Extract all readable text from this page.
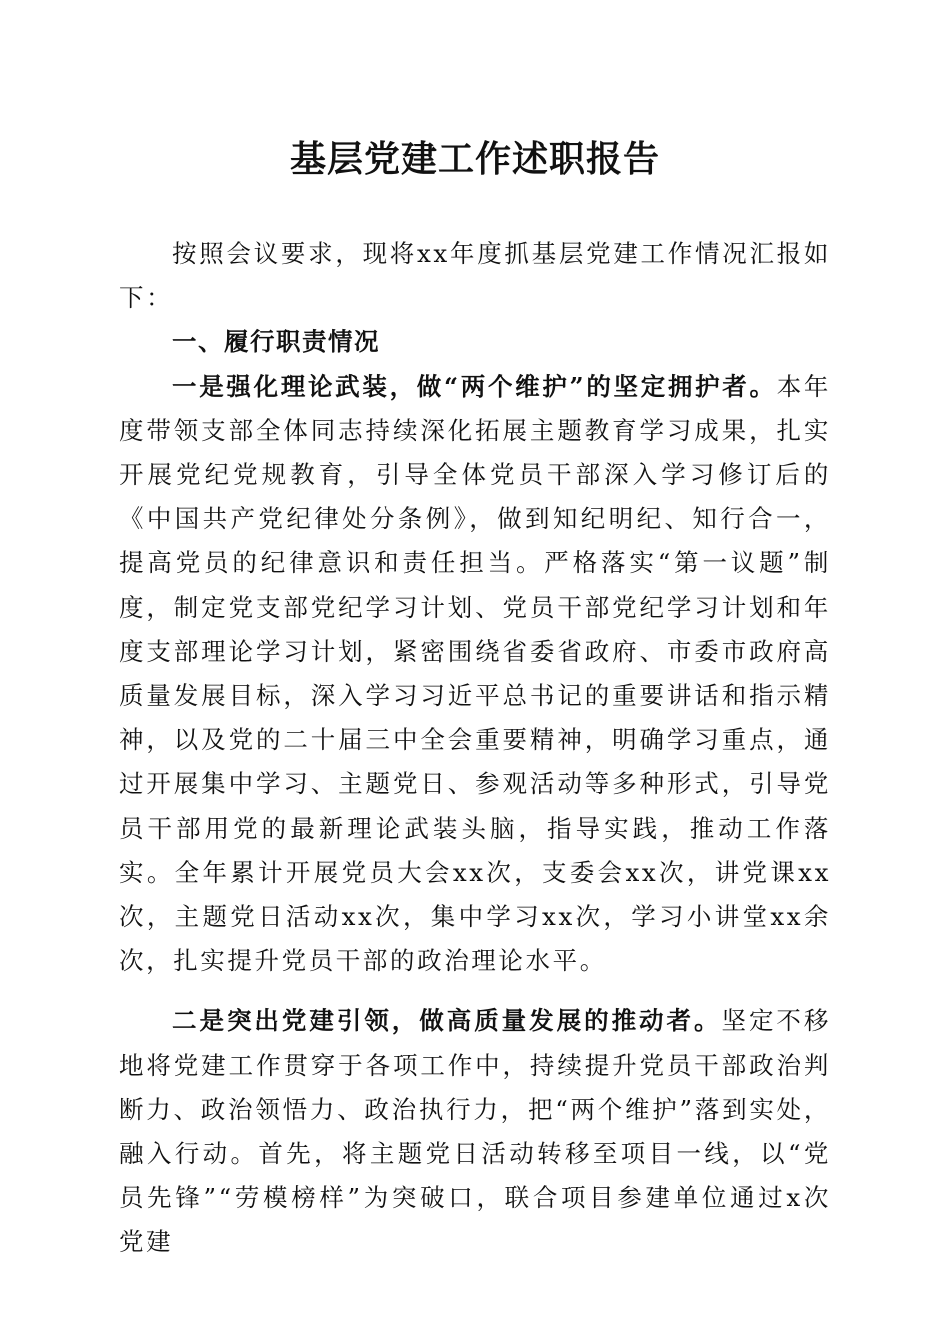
基层党建工作述职报告

按照会议要求，现将xx年度抓基层党建工作情况汇报如下：

一、履行职责情况

一是强化理论武装，做“两个维护”的坚定拥护者。本年度带领支部全体同志持续深化拓展主题教育学习成果，扎实开展党纪党规教育，引导全体党员干部深入学习修订后的《中国共产党纪律处分条例》，做到知纪明纪、知行合一，提高党员的纪律意识和责任担当。严格落实“第一议题”制度，制定党支部党纪学习计划、党员干部党纪学习计划和年度支部理论学习计划，紧密围绕省委省政府、市委市政府高质量发展目标，深入学习习近平总书记的重要讲话和指示精神，以及党的二十届三中全会重要精神，明确学习重点，通过开展集中学习、主题党日、参观活动等多种形式，引导党员干部用党的最新理论武装头脑，指导实践，推动工作落实。全年累计开展党员大会xx次，支委会xx次，讲党课xx次，主题党日活动xx次，集中学习xx次，学习小讲堂xx余次，扎实提升党员干部的政治理论水平。

二是突出党建引领，做高质量发展的推动者。坚定不移地将党建工作贯穿于各项工作中，持续提升党员干部政治判断力、政治领悟力、政治执行力，把“两个维护”落到实处，融入行动。首先，将主题党日活动转移至项目一线，以“党员先锋”“劳模榜样”为突破口，联合项目参建单位通过x次党建
